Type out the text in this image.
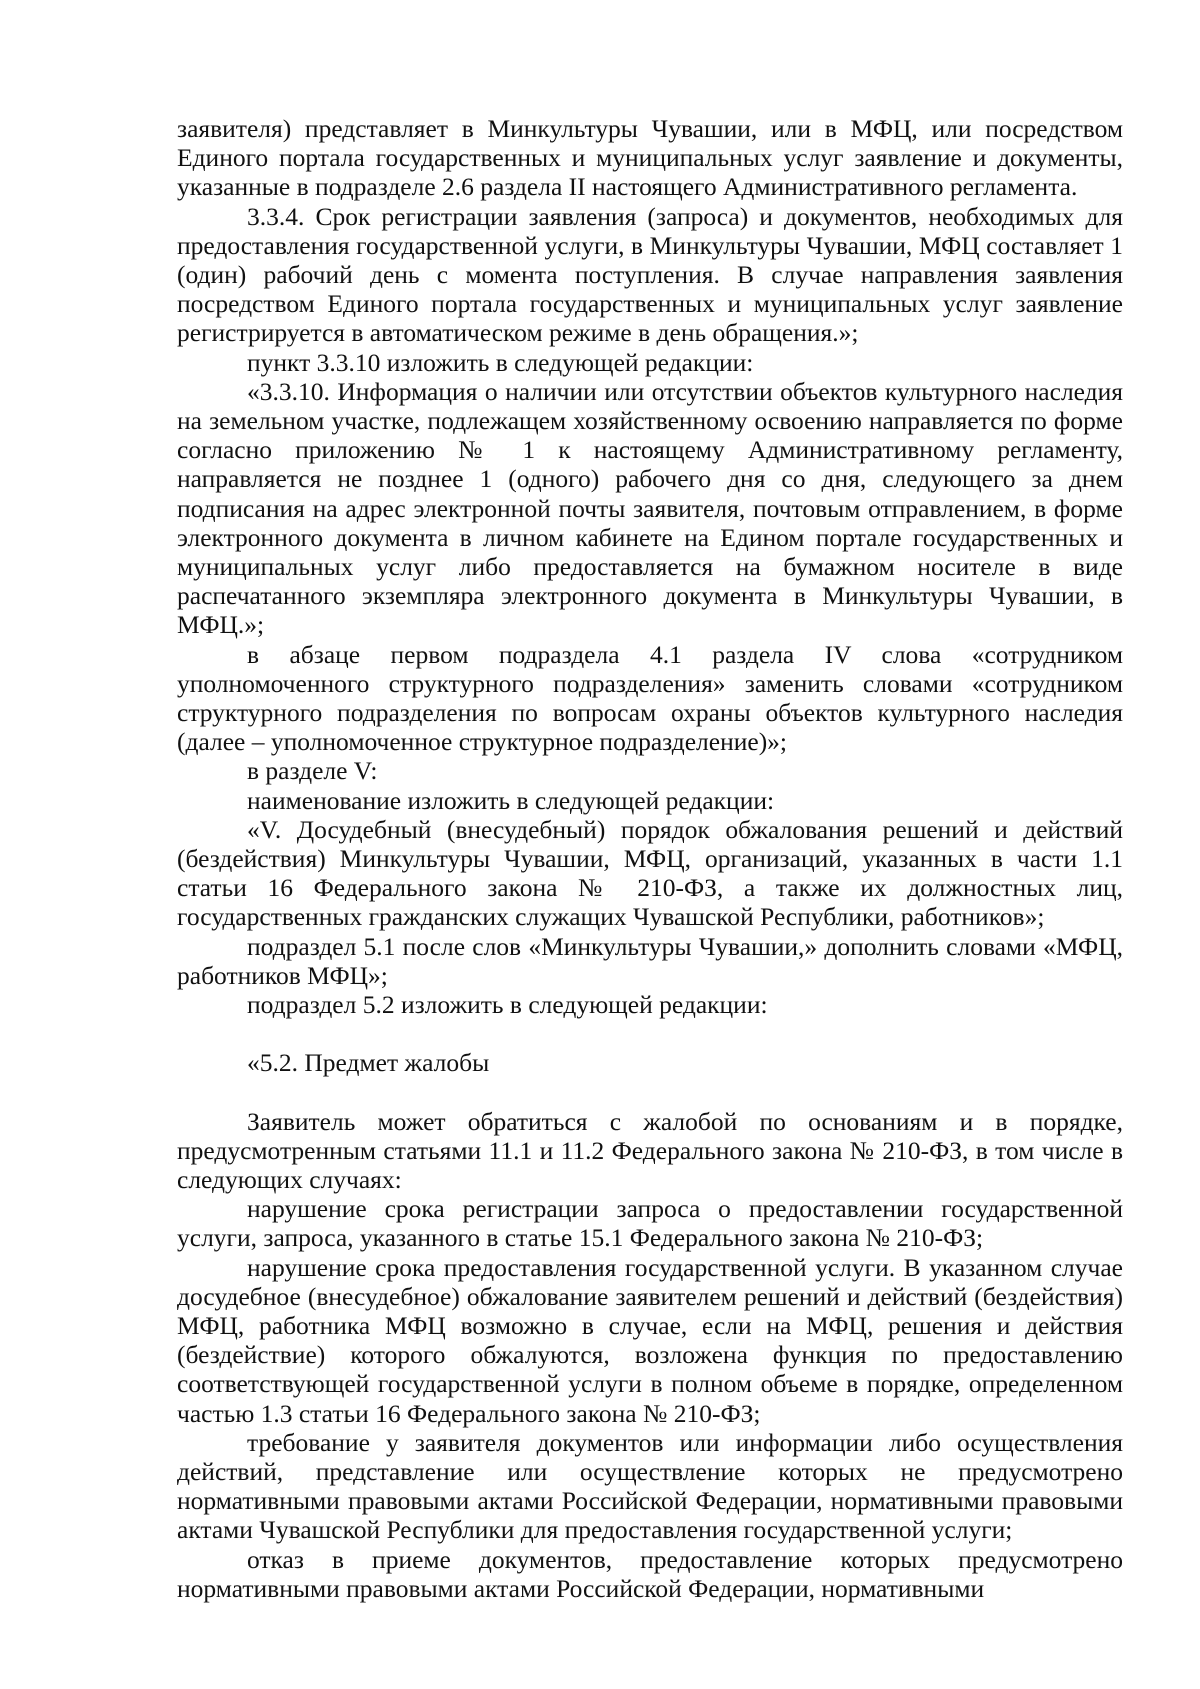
заявителя) представляет в Минкультуры Чувашии, или в МФЦ, или посредством Единого портала государственных и муниципальных услуг заявление и документы, указанные в подразделе 2.6 раздела II настоящего Административного регламента.

3.3.4. Срок регистрации заявления (запроса) и документов, необходимых для предоставления государственной услуги, в Минкультуры Чувашии, МФЦ составляет 1 (один) рабочий день с момента поступления. В случае направления заявления посредством Единого портала государственных и муниципальных услуг заявление регистрируется в автоматическом режиме в день обращения.»;

пункт 3.3.10 изложить в следующей редакции:

«3.3.10. Информация о наличии или отсутствии объектов культурного наследия на земельном участке, подлежащем хозяйственному освоению направляется по форме согласно приложению № 1 к настоящему Административному регламенту, направляется не позднее 1 (одного) рабочего дня со дня, следующего за днем подписания на адрес электронной почты заявителя, почтовым отправлением, в форме электронного документа в личном кабинете на Едином портале государственных и муниципальных услуг либо предоставляется на бумажном носителе в виде распечатанного экземпляра электронного документа в Минкультуры Чувашии, в МФЦ.»;

в абзаце первом подраздела 4.1 раздела IV слова «сотрудником уполномоченного структурного подразделения» заменить словами «сотрудником структурного подразделения по вопросам охраны объектов культурного наследия (далее – уполномоченное структурное подразделение)»;

в разделе V:

наименование изложить в следующей редакции:

«V. Досудебный (внесудебный) порядок обжалования решений и действий (бездействия) Минкультуры Чувашии, МФЦ, организаций, указанных в части 1.1 статьи 16 Федерального закона № 210-ФЗ, а также их должностных лиц, государственных гражданских служащих Чувашской Республики, работников»;

подраздел 5.1 после слов «Минкультуры Чувашии,» дополнить словами «МФЦ, работников МФЦ»;

подраздел 5.2 изложить в следующей редакции:

«5.2. Предмет жалобы

Заявитель может обратиться с жалобой по основаниям и в порядке, предусмотренным статьями 11.1 и 11.2 Федерального закона № 210-ФЗ, в том числе в следующих случаях:

нарушение срока регистрации запроса о предоставлении государственной услуги, запроса, указанного в статье 15.1 Федерального закона № 210-ФЗ;

нарушение срока предоставления государственной услуги. В указанном случае досудебное (внесудебное) обжалование заявителем решений и действий (бездействия) МФЦ, работника МФЦ возможно в случае, если на МФЦ, решения и действия (бездействие) которого обжалуются, возложена функция по предоставлению соответствующей государственной услуги в полном объеме в порядке, определенном частью 1.3 статьи 16 Федерального закона № 210-ФЗ;

требование у заявителя документов или информации либо осуществления действий, представление или осуществление которых не предусмотрено нормативными правовыми актами Российской Федерации, нормативными правовыми актами Чувашской Республики для предоставления государственной услуги;

отказ в приеме документов, предоставление которых предусмотрено нормативными правовыми актами Российской Федерации, нормативными
